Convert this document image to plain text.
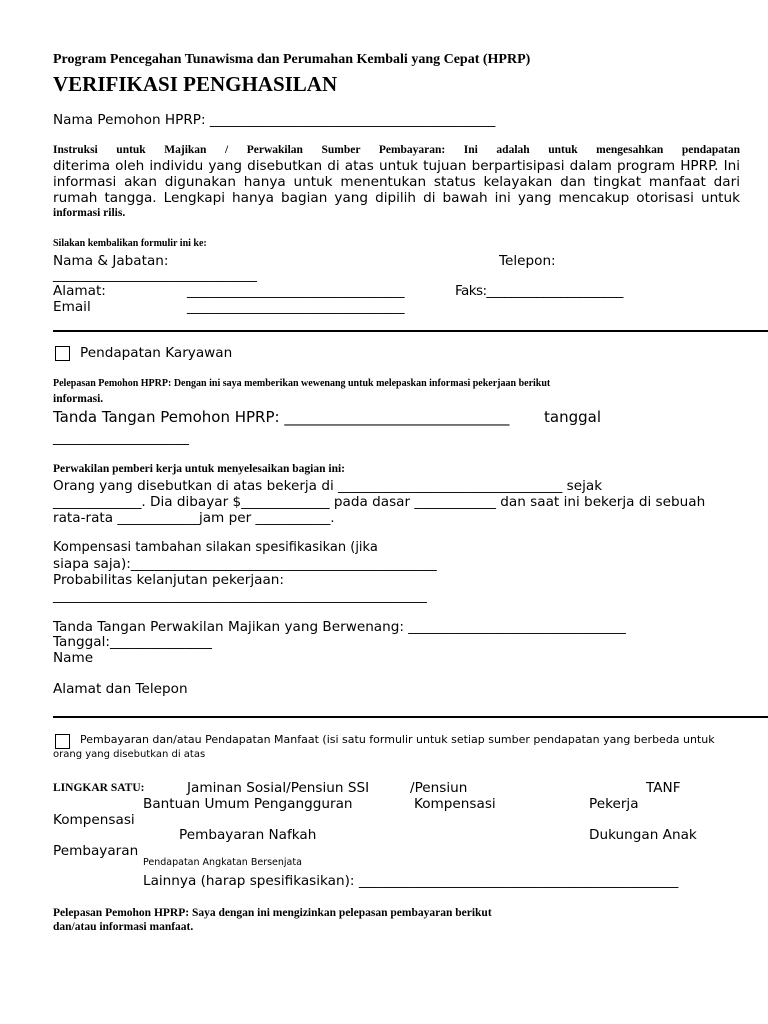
Program Pencegahan Tunawisma dan Perumahan Kembali yang Cepat (HPRP)
VERIFIKASI PENGHASILAN
Nama Pemohon HPRP: __________________________________________
Instruksi untuk Majikan / Perwakilan Sumber Pembayaran: Ini adalah untuk mengesahkan pendapatan
diterima oleh individu yang disebutkan di atas untuk tujuan berpartisipasi dalam program HPRP. Ini
informasi akan digunakan hanya untuk menentukan status kelayakan dan tingkat manfaat dari
rumah tangga. Lengkapi hanya bagian yang dipilih di bawah ini yang mencakup otorisasi untuk
informasi rilis.
Silakan kembalikan formulir ini ke:
Nama & Jabatan:	Telepon:
______________________________
Alamat:	________________________________	Faks:______________________
Email	________________________________
Pendapatan Karyawan
Pelepasan Pemohon HPRP: Dengan ini saya memberikan wewenang untuk melepaskan informasi pekerjaan berikut
informasi.
Tanda Tangan Pemohon HPRP: ______________________________ tanggal
____________________
Perwakilan pemberi kerja untuk menyelesaikan bagian ini:
Orang yang disebutkan di atas bekerja di _________________________________ sejak
_____________. Dia dibayar $_____________ pada dasar ____________ dan saat ini bekerja di sebuah
rata-rata ____________jam per ___________.
Kompensasi tambahan silakan spesifikasikan (jika
siapa saja):_____________________________________________
Probabilitas kelanjutan pekerjaan:
_______________________________________________________
Tanda Tangan Perwakilan Majikan yang Berwenang: ________________________________
Tanggal:_______________
Name
Alamat dan Telepon
Pembayaran dan/atau Pendapatan Manfaat (isi satu formulir untuk setiap sumber pendapatan yang berbeda untuk
orang yang disebutkan di atas
LINGKAR SATU:	Jaminan Sosial/Pensiun SSI	/Pensiun	TANF
Bantuan Umum Pengangguran	Kompensasi	Pekerja
Kompensasi
Pembayaran Nafkah	Dukungan Anak
Pembayaran
Pendapatan Angkatan Bersenjata
Lainnya (harap spesifikasikan): _______________________________________________
Pelepasan Pemohon HPRP: Saya dengan ini mengizinkan pelepasan pembayaran berikut
dan/atau informasi manfaat.
